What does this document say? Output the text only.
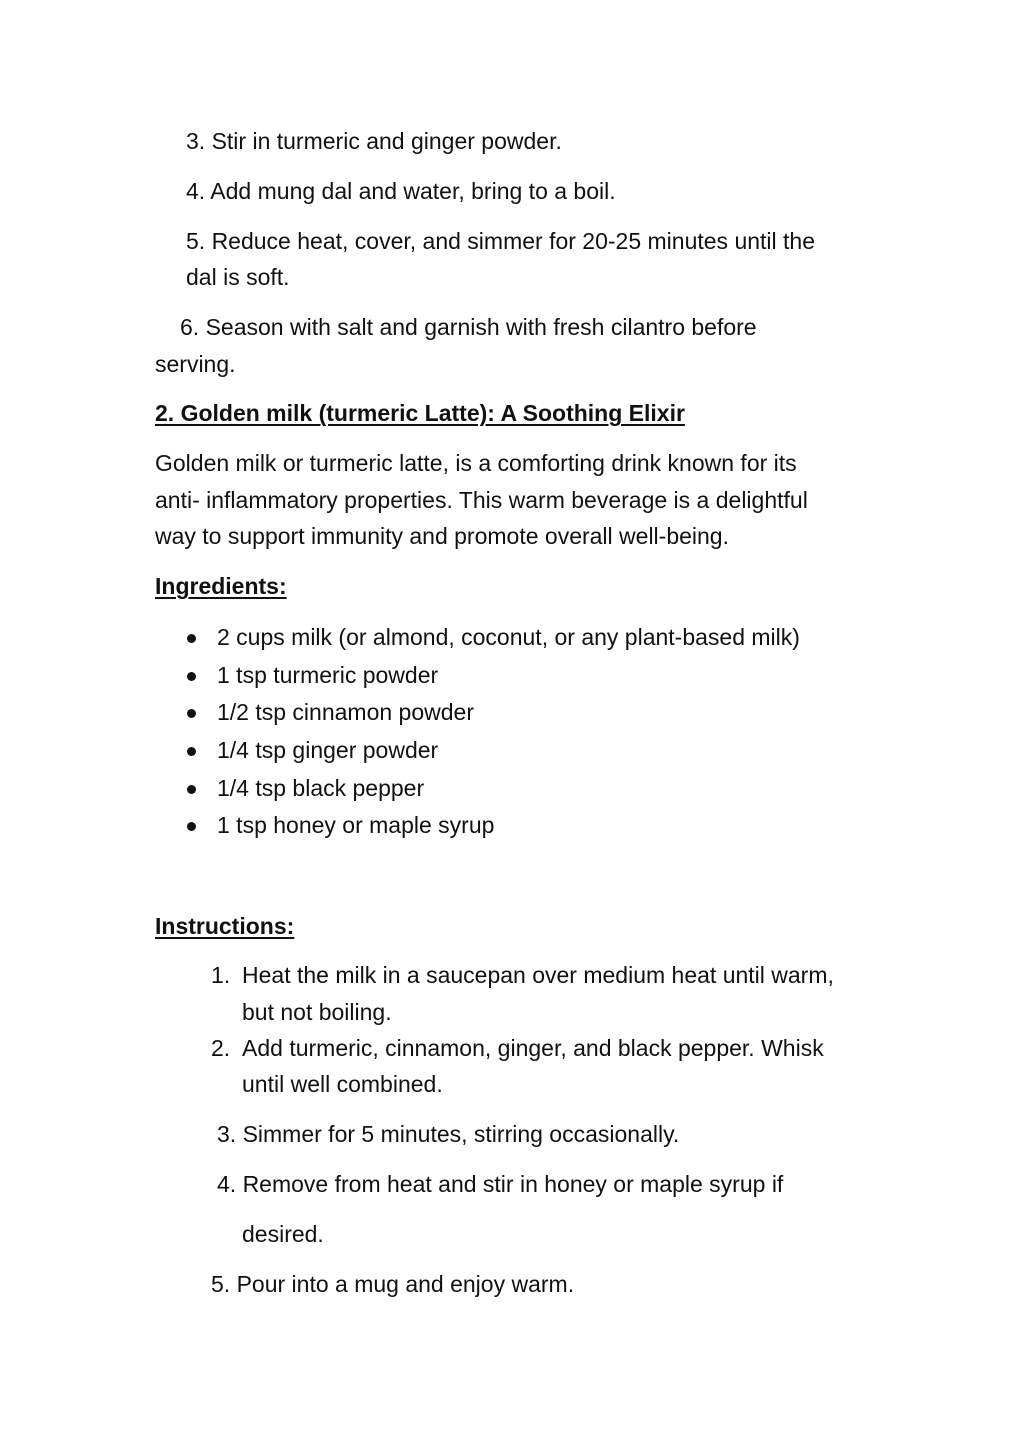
3. Stir in turmeric and ginger powder.
4. Add mung dal and water, bring to a boil.
5. Reduce heat, cover, and simmer for 20-25 minutes until the
dal is soft.
6. Season with salt and garnish with fresh cilantro before
serving.
2. Golden milk (turmeric Latte): A Soothing Elixir
Golden milk or turmeric latte, is a comforting drink known for its
anti- inflammatory properties. This warm beverage is a delightful
way to support immunity and promote overall well-being.
Ingredients:
2 cups milk (or almond, coconut, or any plant-based milk)
1 tsp turmeric powder
1/2 tsp cinnamon powder
1/4 tsp ginger powder
1/4 tsp black pepper
1 tsp honey or maple syrup
Instructions:
1. Heat the milk in a saucepan over medium heat until warm,
but not boiling.
2. Add turmeric, cinnamon, ginger, and black pepper. Whisk
until well combined.
3. Simmer for 5 minutes, stirring occasionally.
4. Remove from heat and stir in honey or maple syrup if
desired.
5. Pour into a mug and enjoy warm.
